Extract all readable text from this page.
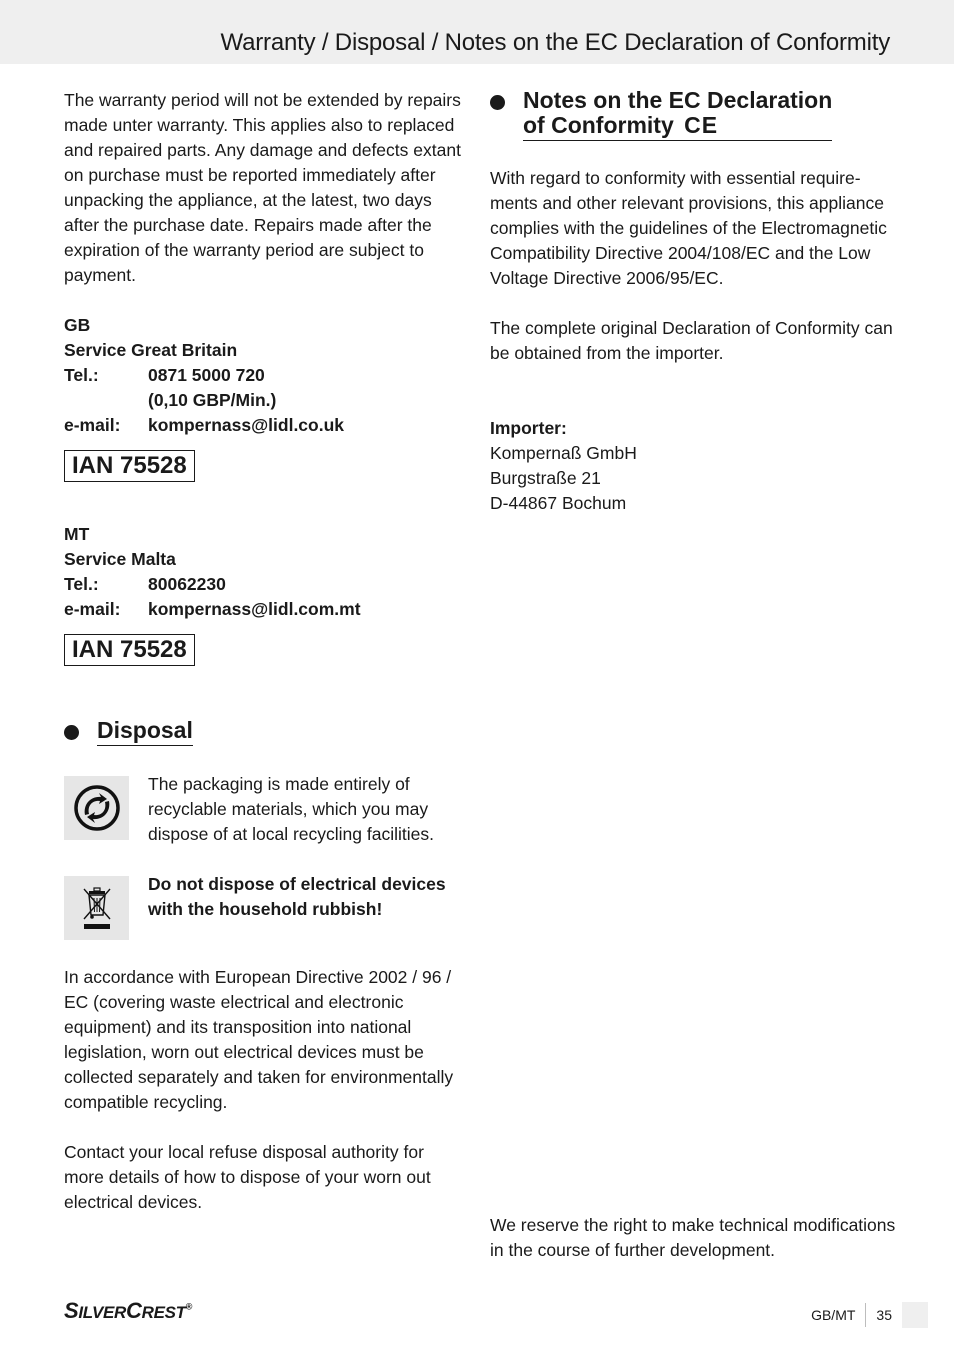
Warranty / Disposal / Notes on the EC Declaration of Conformity

The warranty period will not be extended by repairs made unter warranty. This applies also to replaced and repaired parts. Any damage and defects extant on purchase must be reported immediately after unpacking the appliance, at the latest, two days after the purchase date. Repairs made after the expiration of the warranty period are subject to payment.

GB
Service Great Britain
Tel.:	0871 5000 720
(0,10 GBP/Min.)
e-mail:	kompernass@lidl.co.uk
IAN 75528
MT
Service Malta
Tel.:	80062230
e-mail:	kompernass@lidl.com.mt
IAN 75528
Disposal

The packaging is made entirely of recyclable materials, which you may dispose of at local recycling facilities.

Do not dispose of electrical devices with the household rubbish!

In accordance with European Directive 2002 / 96 / EC (covering waste electrical and electronic equipment) and its transposition into national legislation, worn out electrical devices must be collected separately and taken for environmentally compatible recycling.

Contact your local refuse disposal authority for more details of how to dispose of your worn out electrical devices.

Notes on the EC Declaration
of Conformity CE

With regard to conformity with essential require-ments and other relevant provisions, this appliance complies with the guidelines of the Electromagnetic Compatibility Directive 2004/108/EC and the Low Voltage Directive 2006/95/EC.

The complete original Declaration of Conformity can be obtained from the importer.

Importer:
Kompernaß GmbH
Burgstraße 21
D-44867 Bochum

We reserve the right to make technical modifications in the course of further development.

SILVERCREST®
GB/MT	35
